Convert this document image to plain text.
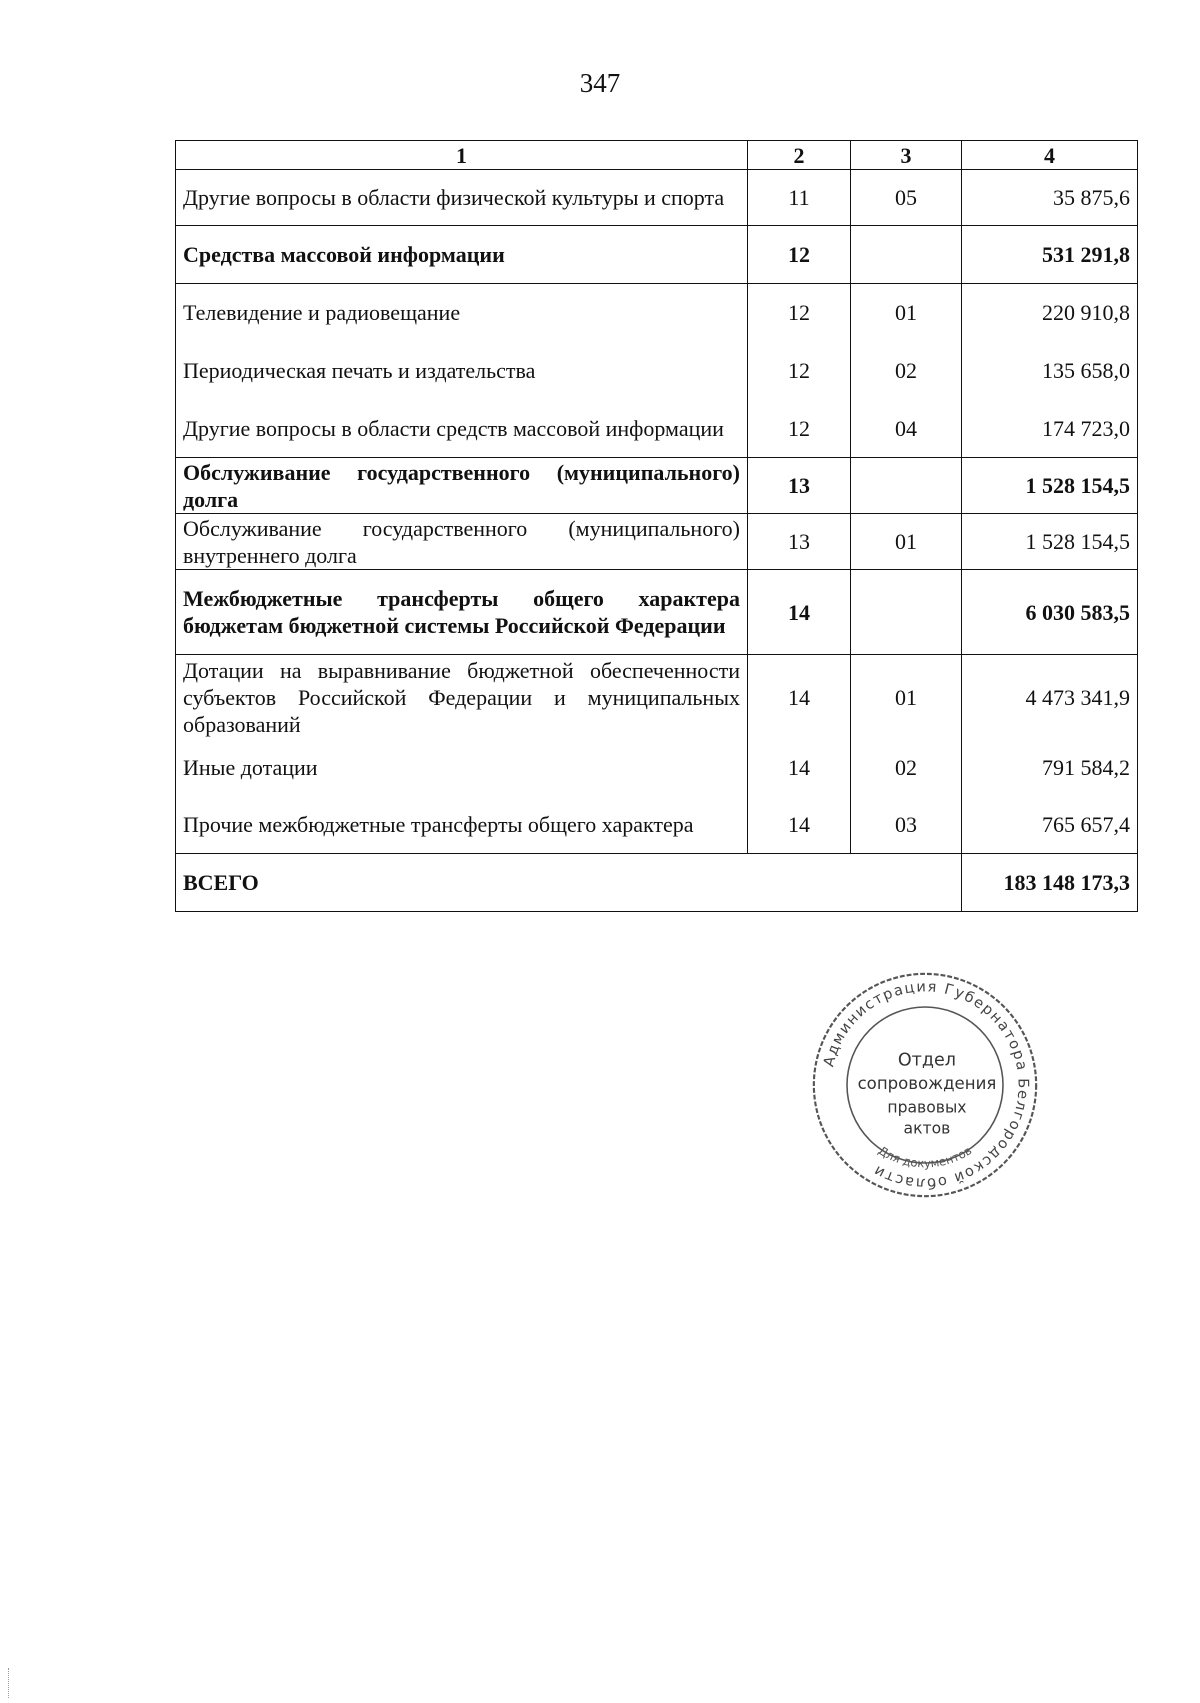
347
1	2	3	4
Другие вопросы в области физической культуры и спорта	11	05	35 875,6
Средства массовой информации	12		531 291,8
Телевидение и радиовещание	12	01	220 910,8
Периодическая печать и издательства	12	02	135 658,0
Другие вопросы в области средств массовой информации	12	04	174 723,0
Обслуживание государственного (муниципального) долга	13		1 528 154,5
Обслуживание государственного (муниципального) внутреннего долга	13	01	1 528 154,5
Межбюджетные трансферты общего характера бюджетам бюджетной системы Российской Федерации	14		6 030 583,5
Дотации на выравнивание бюджетной обеспеченности субъектов Российской Федерации и муниципальных образований	14	01	4 473 341,9
Иные дотации	14	02	791 584,2
Прочие межбюджетные трансферты общего характера	14	03	765 657,4
ВСЕГО			183 148 173,3
Администрация Губернатора Белгородской области
Для документов
Отдел
сопровождения
правовых
актов
